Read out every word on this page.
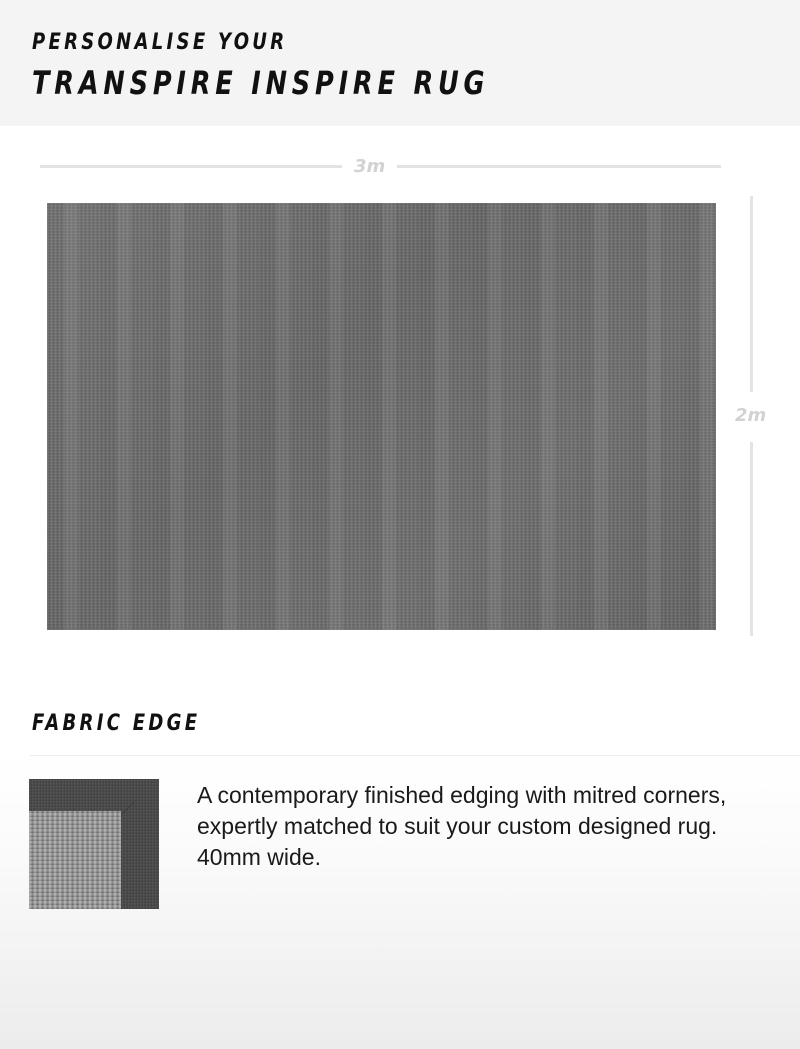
PERSONALISE YOUR
TRANSPIRE INSPIRE RUG
3m
2m
FABRIC EDGE
A contemporary finished edging with mitred corners, expertly matched to suit your custom designed rug. 40mm wide.
